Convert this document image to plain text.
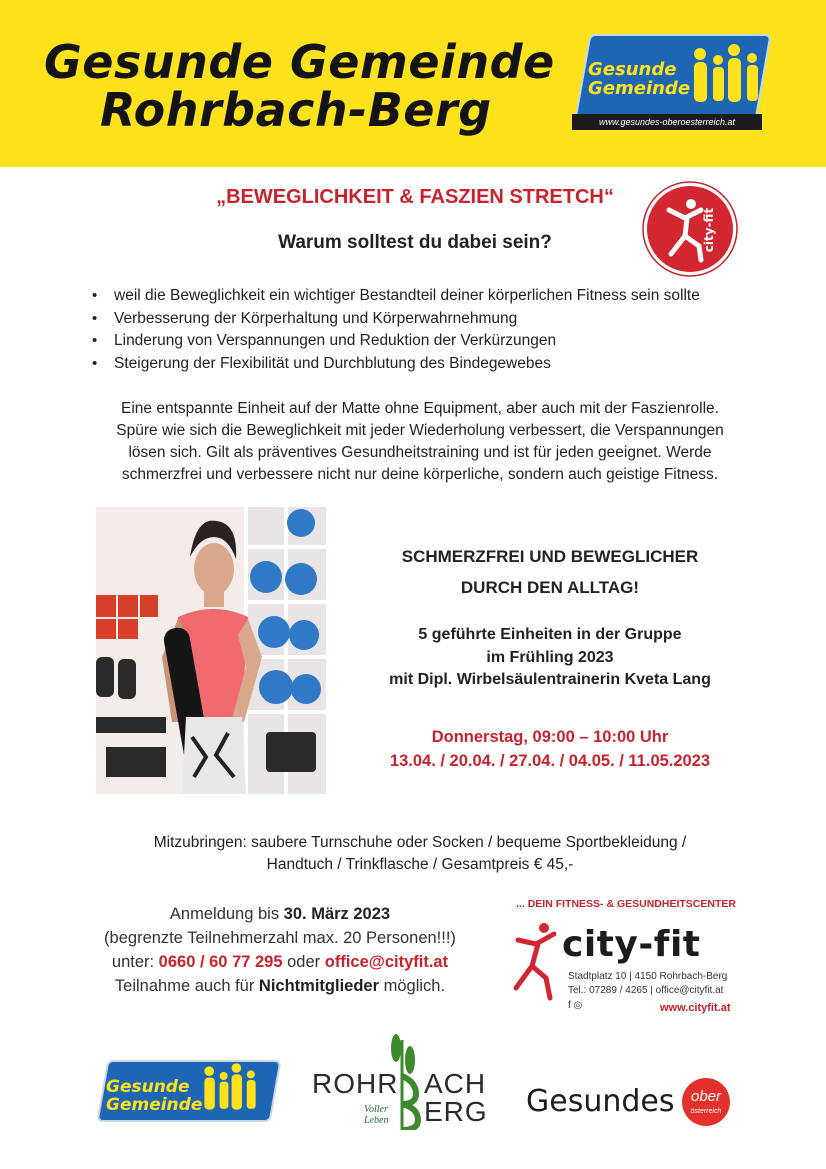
Gesunde Gemeinde
Rohrbach-Berg
Gesunde
Gemeinde
www.gesundes-oberoesterreich.at
„BEWEGLICHKEIT & FASZIEN STRETCH“
Warum solltest du dabei sein?	city-fit
• weil die Beweglichkeit ein wichtiger Bestandteil deiner körperlichen Fitness sein sollte
• Verbesserung der Körperhaltung und Körperwahrnehmung
• Linderung von Verspannungen und Reduktion der Verkürzungen
• Steigerung der Flexibilität und Durchblutung des Bindegewebes
Eine entspannte Einheit auf der Matte ohne Equipment, aber auch mit der Faszienrolle.
Spüre wie sich die Beweglichkeit mit jeder Wiederholung verbessert, die Verspannungen
lösen sich. Gilt als präventives Gesundheitstraining und ist für jeden geeignet. Werde
schmerzfrei und verbessere nicht nur deine körperliche, sondern auch geistige Fitness.
SCHMERZFREI UND BEWEGLICHER
DURCH DEN ALLTAG!
5 geführte Einheiten in der Gruppe
im Frühling 2023
mit Dipl. Wirbelsäulentrainerin Kveta Lang
Donnerstag, 09:00 – 10:00 Uhr
13.04. / 20.04. / 27.04. / 04.05. / 11.05.2023
Mitzubringen: saubere Turnschuhe oder Socken / bequeme Sportbekleidung /
Handtuch / Trinkflasche / Gesamtpreis € 45,-
Anmeldung bis 30. März 2023
(begrenzte Teilnehmerzahl max. 20 Personen!!!)
unter: 0660 / 60 77 295 oder office@cityfit.at
Teilnahme auch für Nichtmitglieder möglich.
... DEIN FITNESS- & GESUNDHEITSCENTER
city-fit
Stadtplatz 10 | 4150 Rohrbach-Berg
Tel.: 07289 / 4265 | office@cityfit.at
f ◎	www.cityfit.at
Gesunde
Gemeinde
ROHR ACH
ERG
Voller
Leben
Gesundes	ober
österreich
